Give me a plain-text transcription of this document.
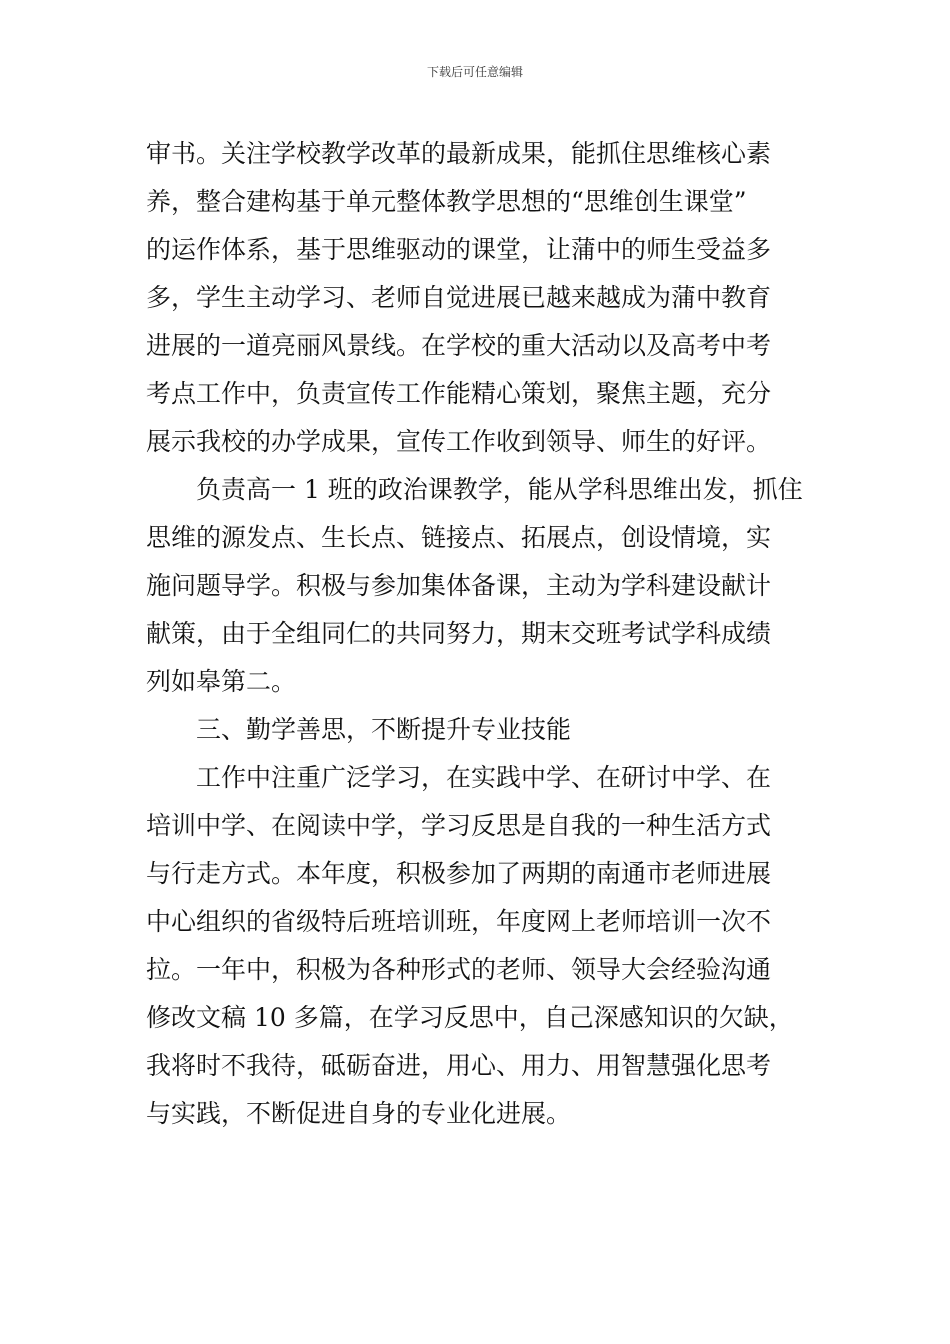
下载后可任意编辑
审书。关注学校教学改革的最新成果，能抓住思维核心素
养，整合建构基于单元整体教学思想的“思维创生课堂”
的运作体系，基于思维驱动的课堂，让蒲中的师生受益多
多，学生主动学习、老师自觉进展已越来越成为蒲中教育
进展的一道亮丽风景线。在学校的重大活动以及高考中考
考点工作中，负责宣传工作能精心策划，聚焦主题，充分
展示我校的办学成果，宣传工作收到领导、师生的好评。
负责高一 1 班的政治课教学，能从学科思维出发，抓住
思维的源发点、生长点、链接点、拓展点，创设情境，实
施问题导学。积极与参加集体备课，主动为学科建设献计
献策，由于全组同仁的共同努力，期末交班考试学科成绩
列如皋第二。
三、勤学善思，不断提升专业技能
工作中注重广泛学习，在实践中学、在研讨中学、在
培训中学、在阅读中学，学习反思是自我的一种生活方式
与行走方式。本年度，积极参加了两期的南通市老师进展
中心组织的省级特后班培训班，年度网上老师培训一次不
拉。一年中，积极为各种形式的老师、领导大会经验沟通
修改文稿 10 多篇，在学习反思中，自己深感知识的欠缺，
我将时不我待，砥砺奋进，用心、用力、用智慧强化思考
与实践，不断促进自身的专业化进展。
